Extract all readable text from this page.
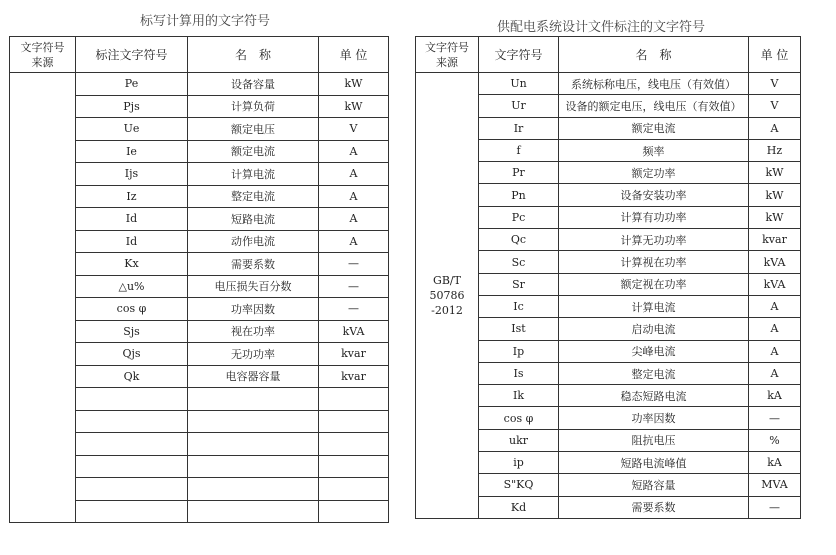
标写计算用的文字符号
文字符号
来源	标注文字符号	名　称	单 位
	Pe	设备容量	kW
	Pjs	计算负荷	kW
	Ue	额定电压	V
	Ie	额定电流	A
	Ijs	计算电流	A
	Iz	整定电流	A
	Id	短路电流	A
	Id	动作电流	A
	Kx	需要系数	—
	△u%	电压损失百分数	—
	cos φ	功率因数	—
	Sjs	视在功率	kVA
	Qjs	无功功率	kvar
	Qk	电容器容量	kvar

供配电系统设计文件标注的文字符号
文字符号
来源	文字符号	名　称	单 位
GB/T 50786
-2012	Un	系统标称电压，线电压（有效值）	V
	Ur	设备的额定电压，线电压（有效值）	V
	Ir	额定电流	A
	f	频率	Hz
	Pr	额定功率	kW
	Pn	设备安装功率	kW
	Pc	计算有功功率	kW
	Qc	计算无功功率	kvar
	Sc	计算视在功率	kVA
	Sr	额定视在功率	kVA
	Ic	计算电流	A
	Ist	启动电流	A
	Ip	尖峰电流	A
	Is	整定电流	A
	Ik	稳态短路电流	kA
	cos φ	功率因数	—
	ukr	阻抗电压	%
	ip	短路电流峰值	kA
	S"KQ	短路容量	MVA
	Kd	需要系数	—
